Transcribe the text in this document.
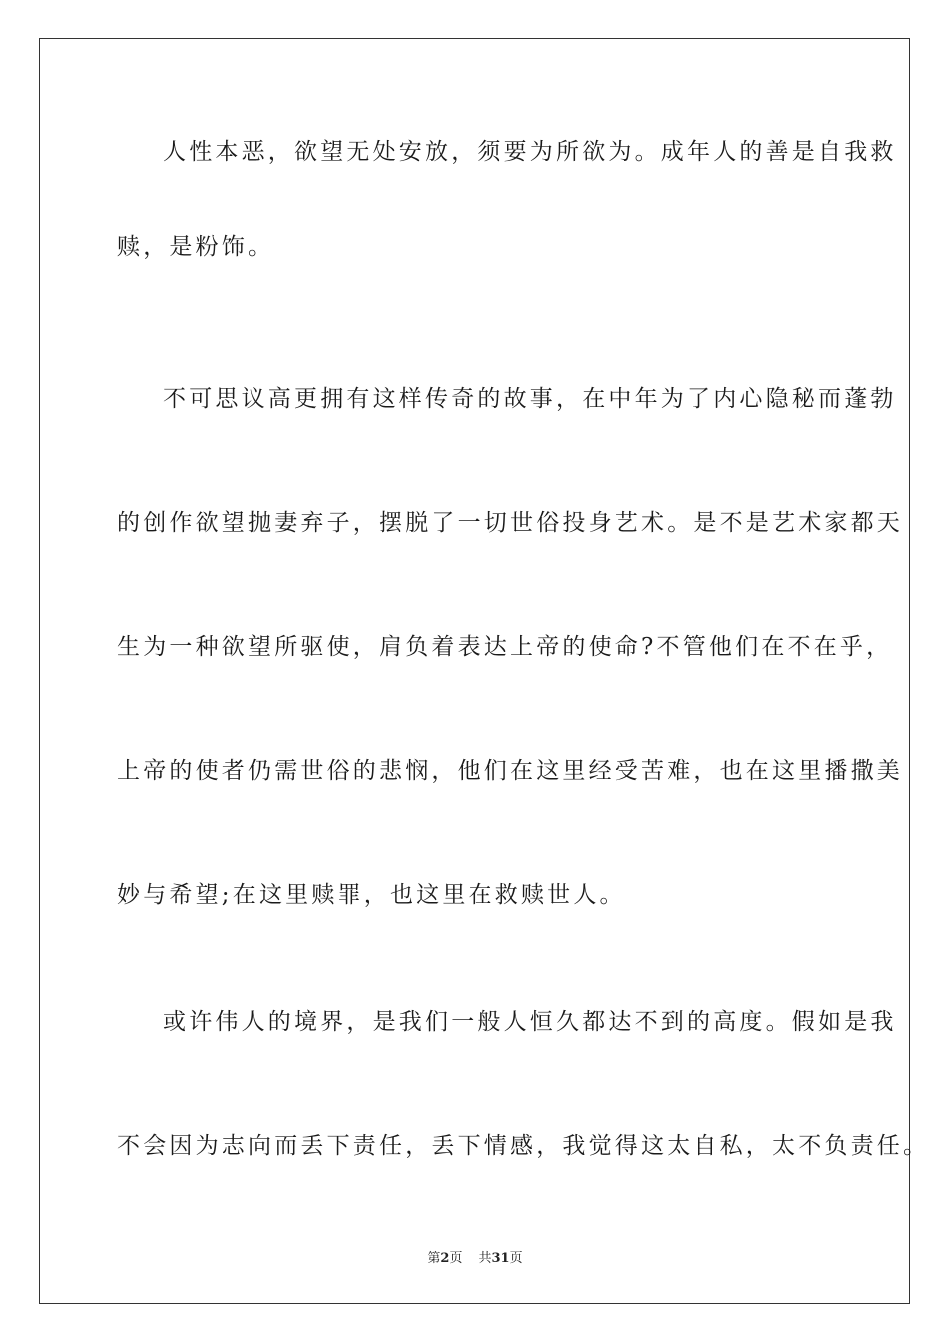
人性本恶，欲望无处安放，须要为所欲为。成年人的善是自我救
赎，是粉饰。
不可思议高更拥有这样传奇的故事，在中年为了内心隐秘而蓬勃
的创作欲望抛妻弃子，摆脱了一切世俗投身艺术。是不是艺术家都天
生为一种欲望所驱使，肩负着表达上帝的使命?不管他们在不在乎，
上帝的使者仍需世俗的悲悯，他们在这里经受苦难，也在这里播撒美
妙与希望;在这里赎罪，也这里在救赎世人。
或许伟人的境界，是我们一般人恒久都达不到的高度。假如是我
不会因为志向而丢下责任，丢下情感，我觉得这太自私，太不负责任。
第2页 共31页
